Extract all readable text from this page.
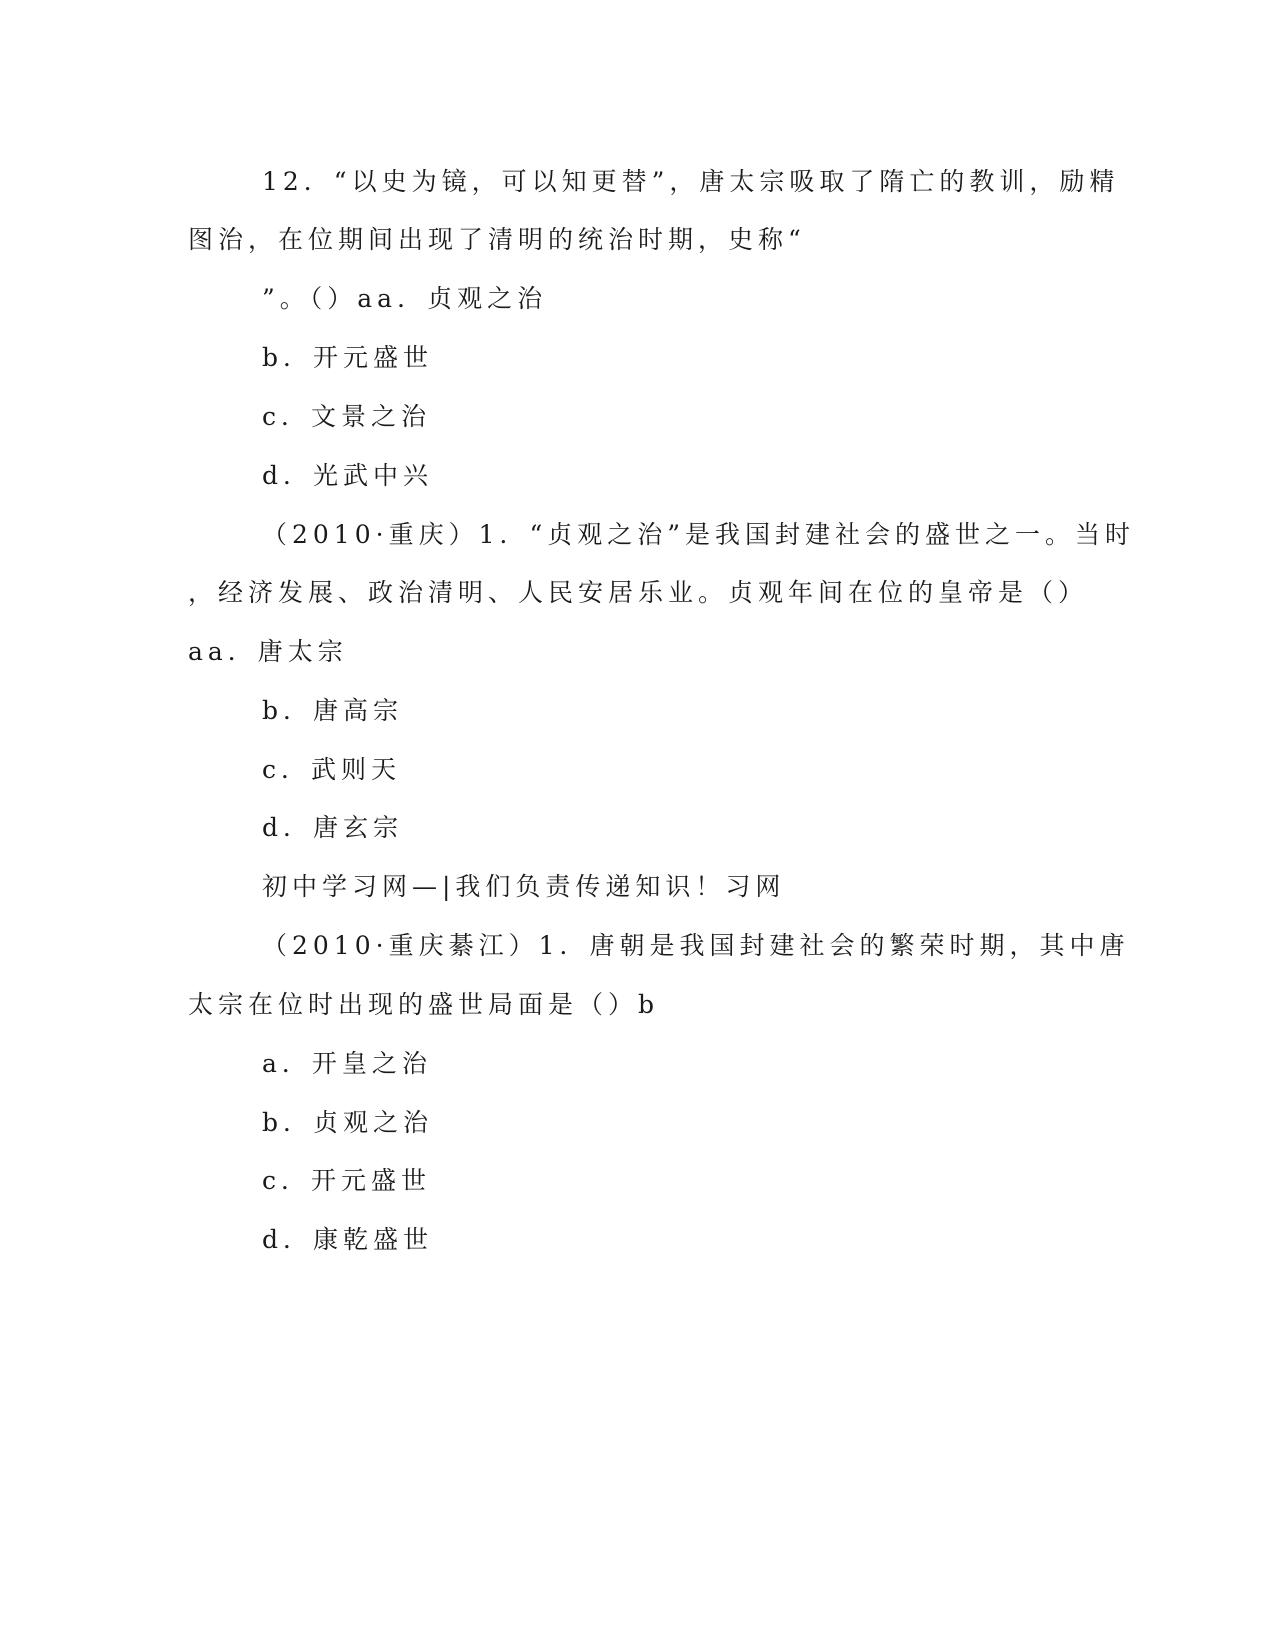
12．“以史为镜，可以知更替”，唐太宗吸取了隋亡的教训，励精
图治，在位期间出现了清明的统治时期，史称“
”。（）aa．贞观之治
b．开元盛世
c．文景之治
d．光武中兴
（2010·重庆）1．“贞观之治”是我国封建社会的盛世之一。当时
，经济发展、政治清明、人民安居乐业。贞观年间在位的皇帝是（）
aa．唐太宗
b．唐高宗
c．武则天
d．唐玄宗
初中学习网—|我们负责传递知识！习网
（2010·重庆綦江）1．唐朝是我国封建社会的繁荣时期，其中唐
太宗在位时出现的盛世局面是（）b
a．开皇之治
b．贞观之治
c．开元盛世
d．康乾盛世
